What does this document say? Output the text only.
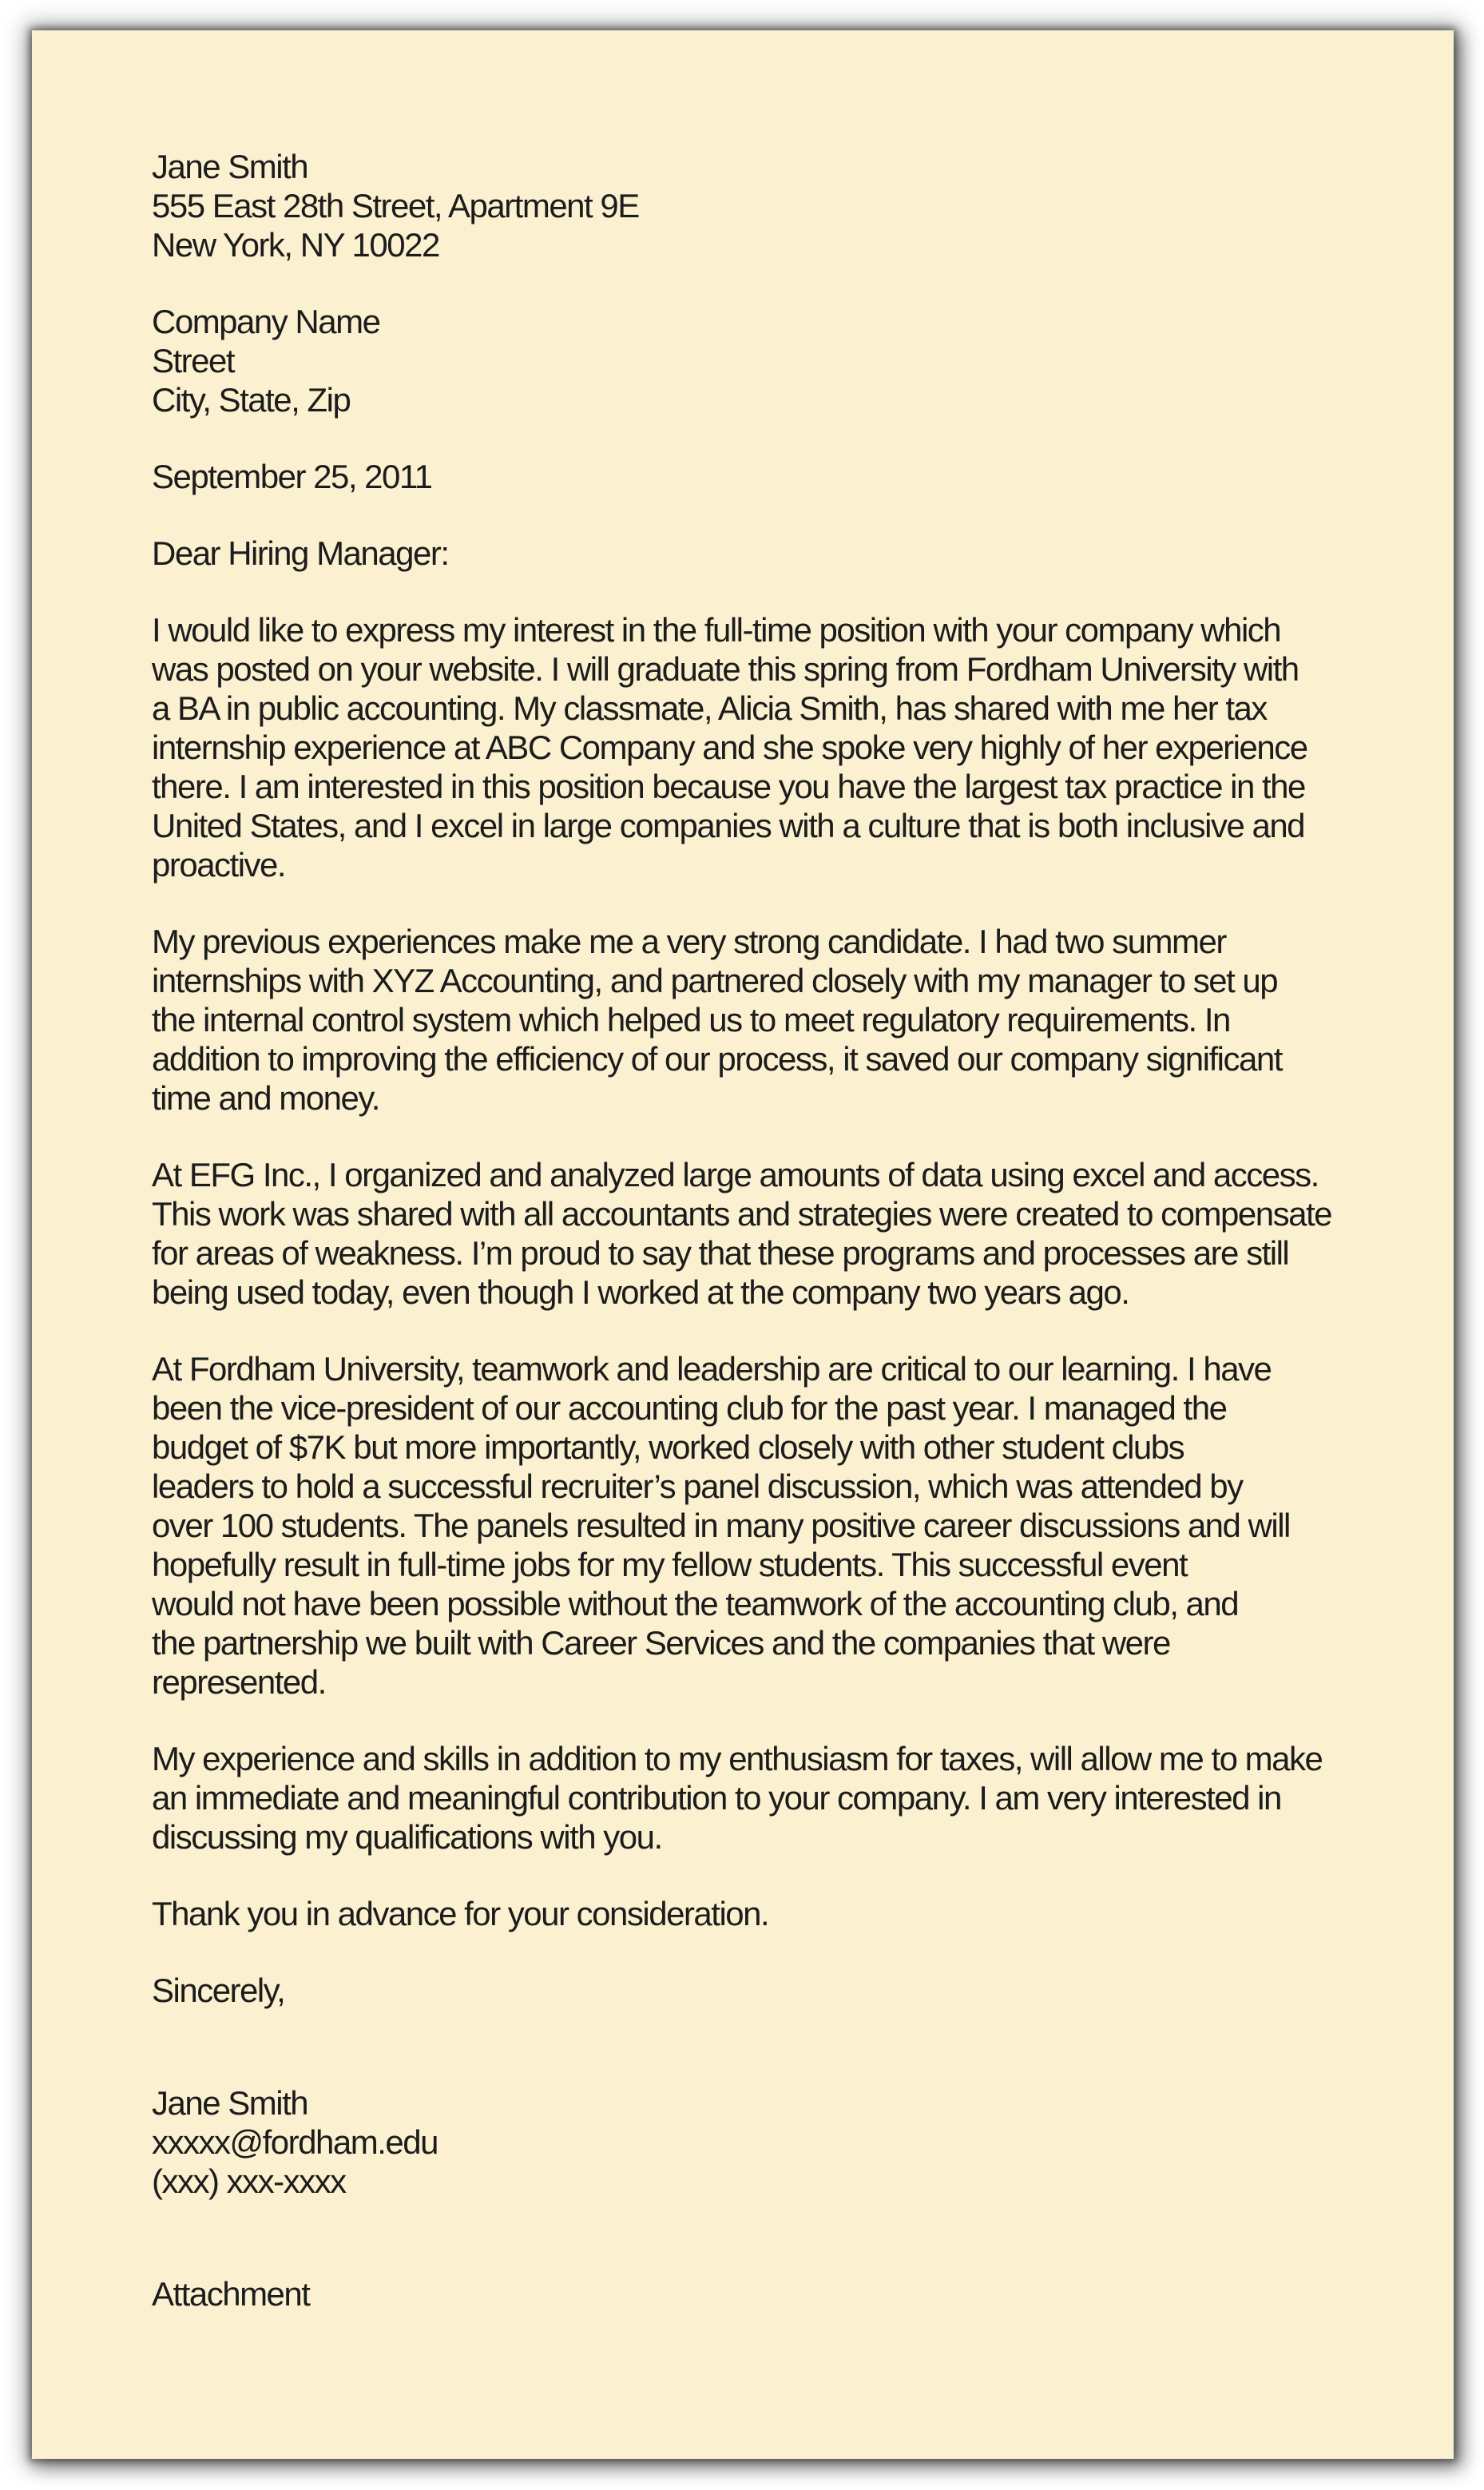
Jane Smith
555 East 28th Street, Apartment 9E
New York, NY 10022
Company Name
Street
City, State, Zip
September 25, 2011
Dear Hiring Manager:
I would like to express my interest in the full-time position with your company which
was posted on your website. I will graduate this spring from Fordham University with
a BA in public accounting. My classmate, Alicia Smith, has shared with me her tax
internship experience at ABC Company and she spoke very highly of her experience
there. I am interested in this position because you have the largest tax practice in the
United States, and I excel in large companies with a culture that is both inclusive and
proactive.
My previous experiences make me a very strong candidate. I had two summer
internships with XYZ Accounting, and partnered closely with my manager to set up
the internal control system which helped us to meet regulatory requirements. In
addition to improving the efficiency of our process, it saved our company significant
time and money.
At EFG Inc., I organized and analyzed large amounts of data using excel and access.
This work was shared with all accountants and strategies were created to compensate
for areas of weakness. I’m proud to say that these programs and processes are still
being used today, even though I worked at the company two years ago.
At Fordham University, teamwork and leadership are critical to our learning. I have
been the vice-president of our accounting club for the past year. I managed the
budget of $7K but more importantly, worked closely with other student clubs
leaders to hold a successful recruiter’s panel discussion, which was attended by
over 100 students. The panels resulted in many positive career discussions and will
hopefully result in full-time jobs for my fellow students. This successful event
would not have been possible without the teamwork of the accounting club, and
the partnership we built with Career Services and the companies that were
represented.
My experience and skills in addition to my enthusiasm for taxes, will allow me to make
an immediate and meaningful contribution to your company. I am very interested in
discussing my qualifications with you.
Thank you in advance for your consideration.
Sincerely,
Jane Smith
xxxxx@fordham.edu
(xxx) xxx-xxxx
Attachment
